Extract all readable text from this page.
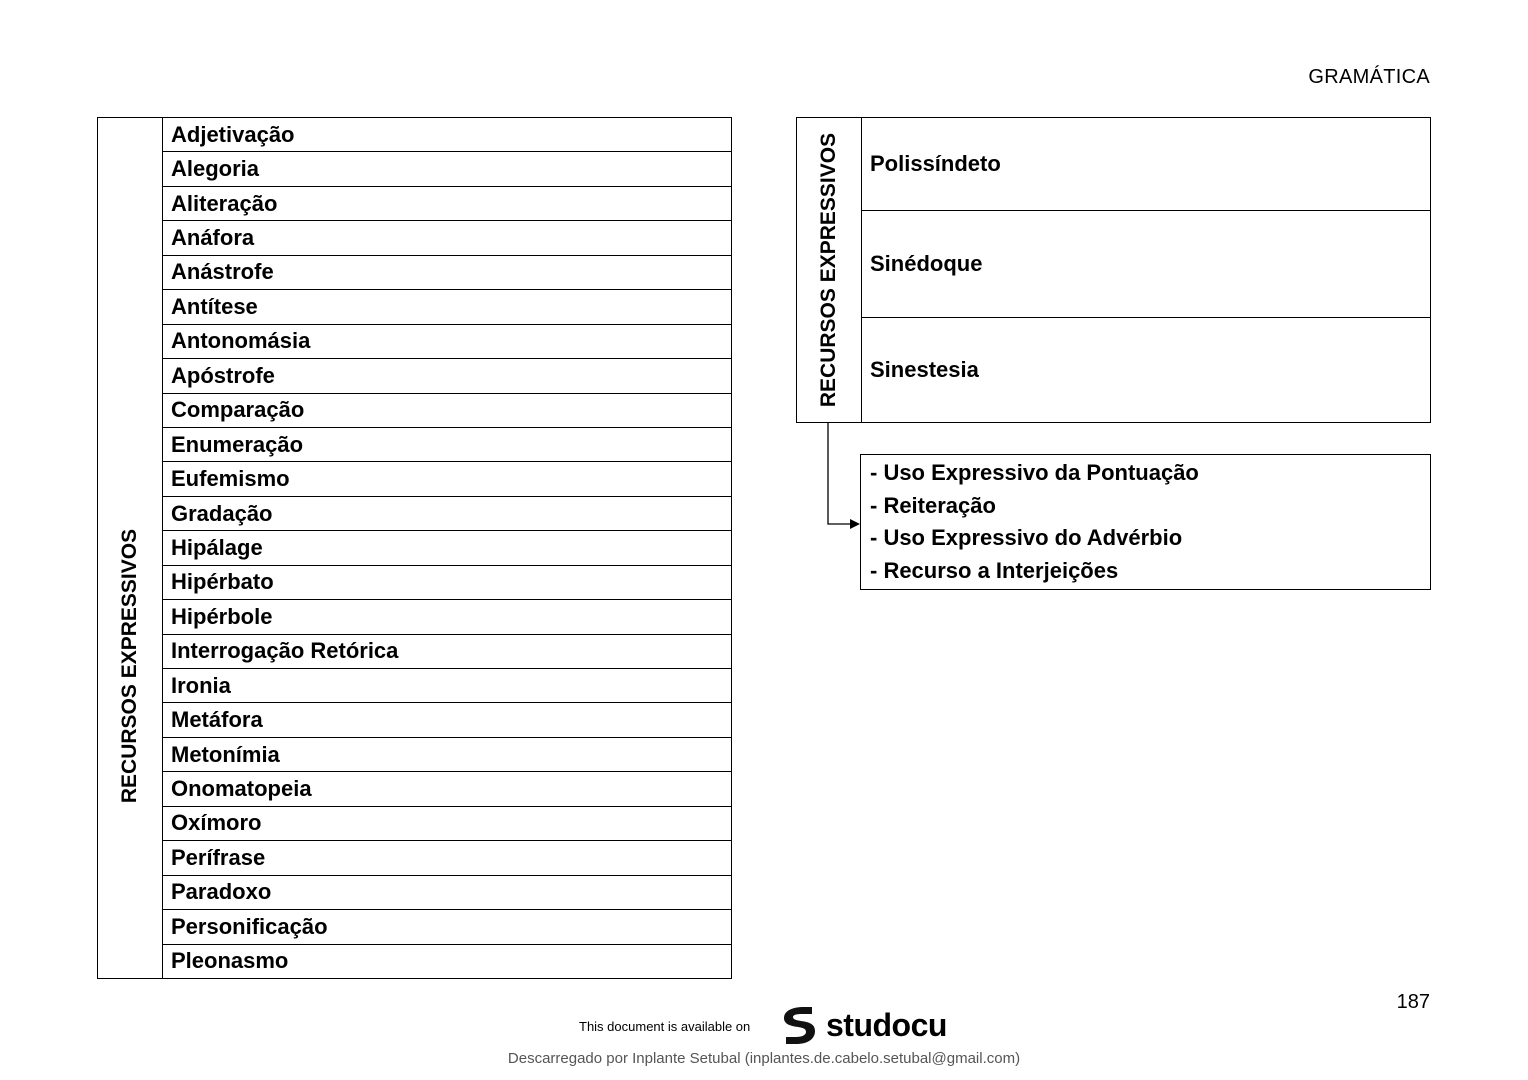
GRAMÁTICA
RECURSOS EXPRESSIVOS
Adjetivação
Alegoria
Aliteração
Anáfora
Anástrofe
Antítese
Antonomásia
Apóstrofe
Comparação
Enumeração
Eufemismo
Gradação
Hipálage
Hipérbato
Hipérbole
Interrogação Retórica
Ironia
Metáfora
Metonímia
Onomatopeia
Oxímoro
Perífrase
Paradoxo
Personificação
Pleonasmo
RECURSOS EXPRESSIVOS	Polissíndeto
Sinédoque
Sinestesia
- Uso Expressivo da Pontuação
- Reiteração
- Uso Expressivo do Advérbio
- Recurso a Interjeições
187
This document is available on studocu
Descarregado por Inplante Setubal (inplantes.de.cabelo.setubal@gmail.com)
